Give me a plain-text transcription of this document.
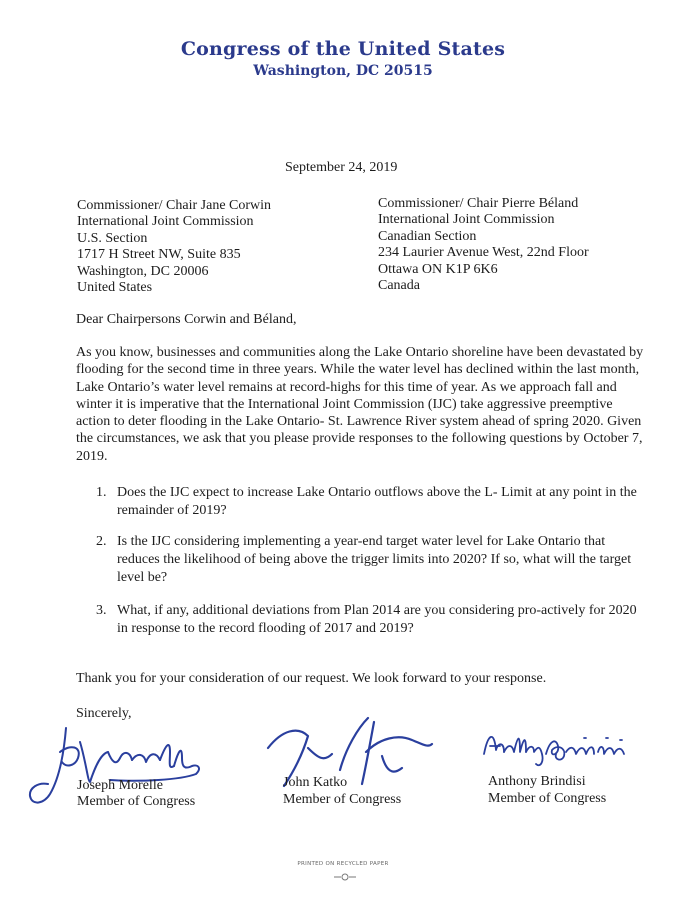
Congress of the United States
Washington, DC 20515
September 24, 2019
Commissioner/ Chair Jane Corwin
International Joint Commission
U.S. Section
1717 H Street NW, Suite 835
Washington, DC 20006
United States
Commissioner/ Chair Pierre Béland
International Joint Commission
Canadian Section
234 Laurier Avenue West, 22nd Floor
Ottawa ON K1P 6K6
Canada
Dear Chairpersons Corwin and Béland,

As you know, businesses and communities along the Lake Ontario shoreline have been devastated by flooding for the second time in three years. While the water level has declined within the last month, Lake Ontario’s water level remains at record-highs for this time of year. As we approach fall and winter it is imperative that the International Joint Commission (IJC) take aggressive preemptive action to deter flooding in the Lake Ontario- St. Lawrence River system ahead of spring 2020. Given the circumstances, we ask that you please provide responses to the following questions by October 7, 2019.

1. Does the IJC expect to increase Lake Ontario outflows above the L- Limit at any point in the remainder of 2019?
2. Is the IJC considering implementing a year-end target water level for Lake Ontario that reduces the likelihood of being above the trigger limits into 2020? If so, what will the target level be?
3. What, if any, additional deviations from Plan 2014 are you considering pro-actively for 2020 in response to the record flooding of 2017 and 2019?
Thank you for your consideration of our request. We look forward to your response.
Sincerely,
Joseph Morelle
Member of Congress
John Katko
Member of Congress
Anthony Brindisi
Member of Congress
PRINTED ON RECYCLED PAPER
